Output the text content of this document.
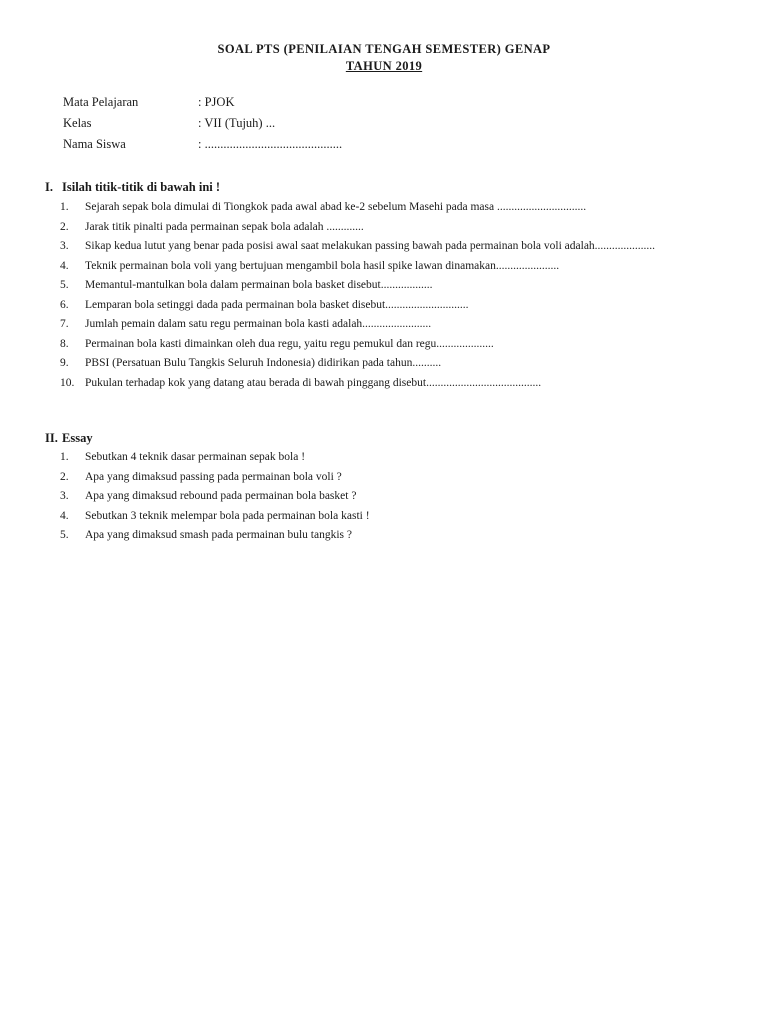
SOAL PTS (PENILAIAN TENGAH SEMESTER) GENAP
TAHUN 2019
Mata Pelajaran	: PJOK
Kelas	: VII (Tujuh) ...
Nama Siswa	: ............................................
I. Isilah titik-titik di bawah ini !
1. Sejarah sepak bola dimulai di Tiongkok pada awal abad ke-2 sebelum Masehi pada masa ...............................
2. Jarak titik pinalti pada permainan sepak bola adalah .............
3. Sikap kedua lutut yang benar pada posisi awal saat melakukan passing bawah pada permainan bola voli adalah.....................
4. Teknik permainan bola voli yang bertujuan mengambil bola hasil spike lawan dinamakan......................
5. Memantul-mantulkan bola dalam permainan bola basket disebut..................
6. Lemparan bola setinggi dada pada permainan bola basket disebut.............................
7. Jumlah pemain dalam satu regu permainan bola kasti adalah........................
8. Permainan bola kasti dimainkan oleh dua regu, yaitu regu pemukul dan regu....................
9. PBSI (Persatuan Bulu Tangkis Seluruh Indonesia) didirikan pada tahun..........
10. Pukulan terhadap kok yang datang atau berada di bawah pinggang disebut........................................
II. Essay
1. Sebutkan 4 teknik dasar permainan sepak bola !
2. Apa yang dimaksud passing pada permainan bola voli ?
3. Apa yang dimaksud rebound pada permainan bola basket ?
4. Sebutkan 3 teknik melempar bola pada permainan bola kasti !
5. Apa yang dimaksud smash pada permainan bulu tangkis ?
